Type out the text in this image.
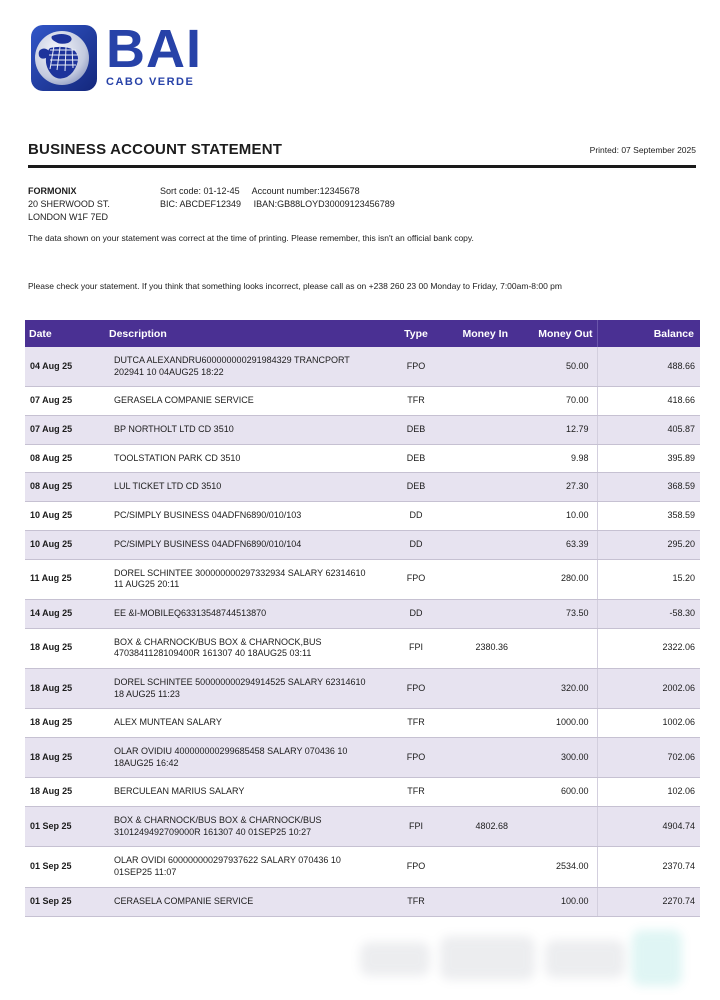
BAI
CABO VERDE
BUSINESS ACCOUNT STATEMENT	Printed: 07 September 2025
FORMONIX
20 SHERWOOD ST.
LONDON W1F 7ED
Sort code: 01-12-45 Account number:12345678
BIC: ABCDEF12349 IBAN:GB88LOYD30009123456789
The data shown on your statement was correct at the time of printing. Please remember, this isn't an official bank copy.
Please check your statement. If you think that something looks incorrect, please call as on +238 260 23 00 Monday to Friday, 7:00am-8:00 pm
Date	Description	Type	Money In	Money Out	Balance
04 Aug 25	DUTCA ALEXANDRU600000000291984329 TRANCPORT 202941 10 04AUG25 18:22	FPO		50.00	488.66
07 Aug 25	GERASELA COMPANIE SERVICE	TFR		70.00	418.66
07 Aug 25	BP NORTHOLT LTD CD 3510	DEB		12.79	405.87
08 Aug 25	TOOLSTATION PARK CD 3510	DEB		9.98	395.89
08 Aug 25	LUL TICKET LTD CD 3510	DEB		27.30	368.59
10 Aug 25	PC/SIMPLY BUSINESS 04ADFN6890/010/103	DD		10.00	358.59
10 Aug 25	PC/SIMPLY BUSINESS 04ADFN6890/010/104	DD		63.39	295.20
11 Aug 25	DOREL SCHINTEE 300000000297332934 SALARY 62314610 11 AUG25 20:11	FPO		280.00	15.20
14 Aug 25	EE &I-MOBILEQ63313548744513870	DD		73.50	-58.30
18 Aug 25	BOX & CHARNOCK/BUS BOX & CHARNOCK,BUS 4703841128109400R 161307 40 18AUG25 03:11	FPI	2380.36		2322.06
18 Aug 25	DOREL SCHINTEE 500000000294914525 SALARY 62314610 18 AUG25 11:23	FPO		320.00	2002.06
18 Aug 25	ALEX MUNTEAN SALARY	TFR		1000.00	1002.06
18 Aug 25	OLAR OVIDIU 400000000299685458 SALARY 070436 10 18AUG25 16:42	FPO		300.00	702.06
18 Aug 25	BERCULEAN MARIUS SALARY	TFR		600.00	102.06
01 Sep 25	BOX & CHARNOCK/BUS BOX & CHARNOCK/BUS 3101249492709000R 161307 40 01SEP25 10:27	FPI	4802.68		4904.74
01 Sep 25	OLAR OVIDI 600000000297937622 SALARY 070436 10 01SEP25 11:07	FPO		2534.00	2370.74
01 Sep 25	CERASELA COMPANIE SERVICE	TFR		100.00	2270.74
